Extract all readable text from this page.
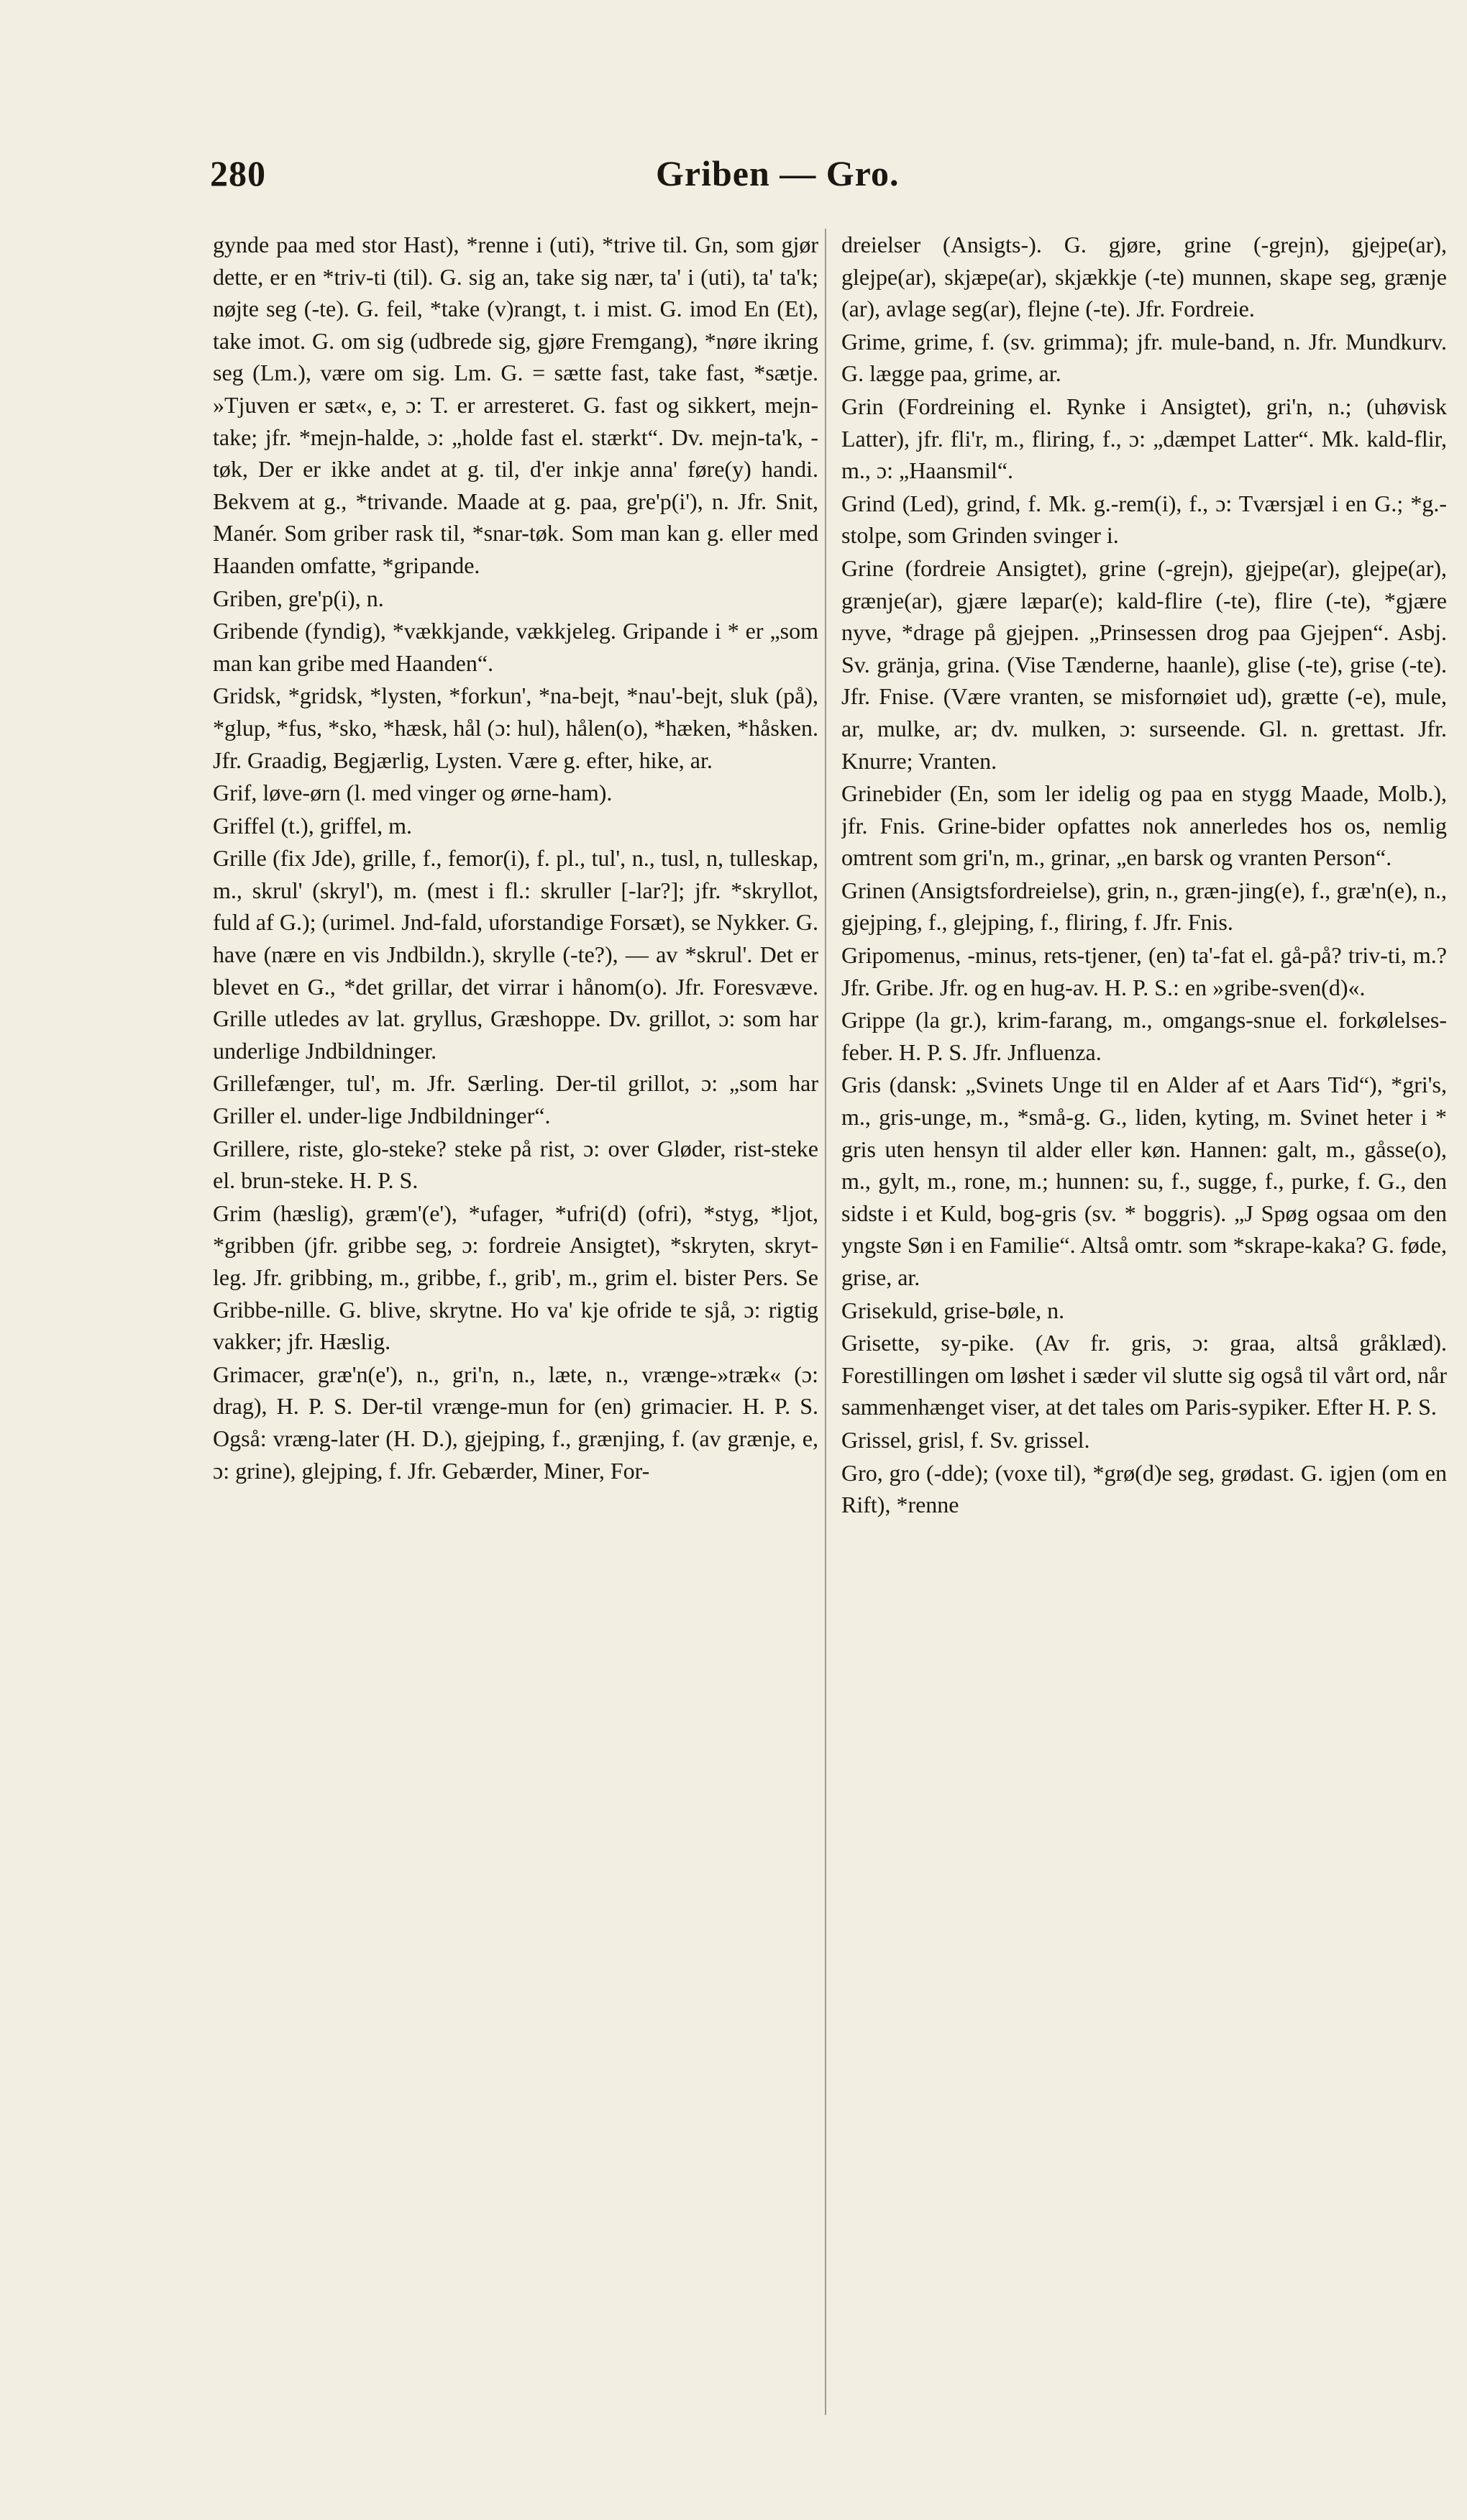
280	Griben — Gro.

gynde paa med stor Hast), *renne i (uti), *trive til. Gn, som gjør dette, er en *triv-ti (til). G. sig an, take sig nær, ta' i (uti), ta' ta'k; nøjte seg (-te). G. feil, *take (v)rangt, t. i mist. G. imod En (Et), take imot. G. om sig (udbrede sig, gjøre Fremgang), *nøre ikring seg (Lm.), være om sig. Lm. G. = sætte fast, take fast, *sætje. »Tjuven er sæt«, e, ɔ: T. er arresteret. G. fast og sikkert, mejn-take; jfr. *mejn-halde, ɔ: „holde fast el. stærkt“. Dv. mejn-ta'k, -tøk, Der er ikke andet at g. til, d'er inkje anna' føre(y) handi. Bekvem at g., *trivande. Maade at g. paa, gre'p(i'), n. Jfr. Snit, Manér. Som griber rask til, *snar-tøk. Som man kan g. eller med Haanden omfatte, *gripande.

Griben, gre'p(i), n.

Gribende (fyndig), *vækkjande, vækkjeleg. Gripande i * er „som man kan gribe med Haanden“.

Gridsk, *gridsk, *lysten, *forkun', *na-bejt, *nau'-bejt, sluk (på), *glup, *fus, *sko, *hæsk, hål (ɔ: hul), hålen(o), *hæken, *håsken. Jfr. Graadig, Begjærlig, Lysten. Være g. efter, hike, ar.

Grif, løve-ørn (l. med vinger og ørne-ham).

Griffel (t.), griffel, m.

Grille (fix Jde), grille, f., femor(i), f. pl., tul', n., tusl, n, tulleskap, m., skrul' (skryl'), m. (mest i fl.: skruller [-lar?]; jfr. *skryllot, fuld af G.); (urimel. Jnd-fald, uforstandige Forsæt), se Nykker. G. have (nære en vis Jndbildn.), skrylle (-te?), — av *skrul'. Det er blevet en G., *det grillar, det virrar i hånom(o). Jfr. Foresvæve. Grille utledes av lat. gryllus, Græshoppe. Dv. grillot, ɔ: som har underlige Jndbildninger.

Grillefænger, tul', m. Jfr. Særling. Der-til grillot, ɔ: „som har Griller el. under-lige Jndbildninger“.

Grillere, riste, glo-steke? steke på rist, ɔ: over Gløder, rist-steke el. brun-steke. H. P. S.

Grim (hæslig), græm'(e'), *ufager, *ufri(d) (ofri), *styg, *ljot, *gribben (jfr. gribbe seg, ɔ: fordreie Ansigtet), *skryten, skryt-leg. Jfr. gribbing, m., gribbe, f., grib', m., grim el. bister Pers. Se Gribbe-nille. G. blive, skrytne. Ho va' kje ofride te sjå, ɔ: rigtig vakker; jfr. Hæslig.

Grimacer, græ'n(e'), n., gri'n, n., læte, n., vrænge-»træk« (ɔ: drag), H. P. S. Der-til vrænge-mun for (en) grimacier. H. P. S. Også: vræng-later (H. D.), gjejping, f., grænjing, f. (av grænje, e, ɔ: grine), glejping, f. Jfr. Gebærder, Miner, For-

dreielser (Ansigts-). G. gjøre, grine (-grejn), gjejpe(ar), glejpe(ar), skjæpe(ar), skjækkje (-te) munnen, skape seg, grænje (ar), avlage seg(ar), flejne (-te). Jfr. Fordreie.

Grime, grime, f. (sv. grimma); jfr. mule-band, n. Jfr. Mundkurv. G. lægge paa, grime, ar.

Grin (Fordreining el. Rynke i Ansigtet), gri'n, n.; (uhøvisk Latter), jfr. fli'r, m., fliring, f., ɔ: „dæmpet Latter“. Mk. kald-flir, m., ɔ: „Haansmil“.

Grind (Led), grind, f. Mk. g.-rem(i), f., ɔ: Tværsjæl i en G.; *g.-stolpe, som Grinden svinger i.

Grine (fordreie Ansigtet), grine (-grejn), gjejpe(ar), glejpe(ar), grænje(ar), gjære læpar(e); kald-flire (-te), flire (-te), *gjære nyve, *drage på gjejpen. „Prinsessen drog paa Gjejpen“. Asbj. Sv. gränja, grina. (Vise Tænderne, haanle), glise (-te), grise (-te). Jfr. Fnise. (Være vranten, se misfornøiet ud), grætte (-e), mule, ar, mulke, ar; dv. mulken, ɔ: surseende. Gl. n. grettast. Jfr. Knurre; Vranten.

Grinebider (En, som ler idelig og paa en stygg Maade, Molb.), jfr. Fnis. Grine-bider opfattes nok annerledes hos os, nemlig omtrent som gri'n, m., grinar, „en barsk og vranten Person“.

Grinen (Ansigtsfordreielse), grin, n., græn-jing(e), f., græ'n(e), n., gjejping, f., glejping, f., fliring, f. Jfr. Fnis.

Gripomenus, -minus, rets-tjener, (en) ta'-fat el. gå-på? triv-ti, m.? Jfr. Gribe. Jfr. og en hug-av. H. P. S.: en »gribe-sven(d)«.

Grippe (la gr.), krim-farang, m., omgangs-snue el. forkølelses-feber. H. P. S. Jfr. Jnfluenza.

Gris (dansk: „Svinets Unge til en Alder af et Aars Tid“), *gri's, m., gris-unge, m., *små-g. G., liden, kyting, m. Svinet heter i * gris uten hensyn til alder eller køn. Hannen: galt, m., gåsse(o), m., gylt, m., rone, m.; hunnen: su, f., sugge, f., purke, f. G., den sidste i et Kuld, bog-gris (sv. * boggris). „J Spøg ogsaa om den yngste Søn i en Familie“. Altså omtr. som *skrape-kaka? G. føde, grise, ar.

Grisekuld, grise-bøle, n.

Grisette, sy-pike. (Av fr. gris, ɔ: graa, altså gråklæd). Forestillingen om løshet i sæder vil slutte sig også til vårt ord, når sammenhænget viser, at det tales om Paris-sypiker. Efter H. P. S.

Grissel, grisl, f. Sv. grissel.

Gro, gro (-dde); (voxe til), *grø(d)e seg, grødast. G. igjen (om en Rift), *renne
